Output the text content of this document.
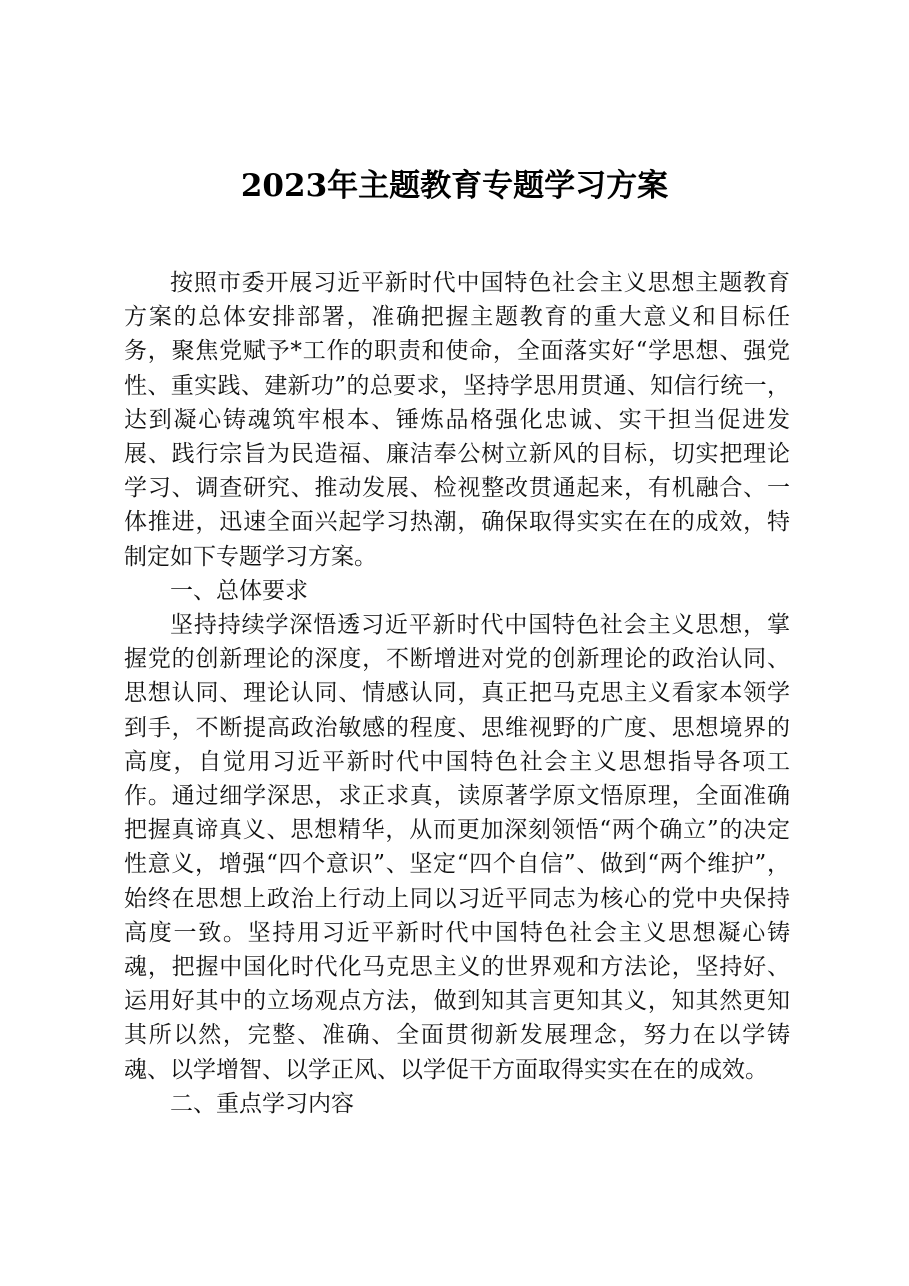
2023年主题教育专题学习方案

按照市委开展习近平新时代中国特色社会主义思想主题教育方案的总体安排部署，准确把握主题教育的重大意义和目标任务，聚焦党赋予*工作的职责和使命，全面落实好“学思想、强党性、重实践、建新功”的总要求，坚持学思用贯通、知信行统一，达到凝心铸魂筑牢根本、锤炼品格强化忠诚、实干担当促进发展、践行宗旨为民造福、廉洁奉公树立新风的目标，切实把理论学习、调查研究、推动发展、检视整改贯通起来，有机融合、一体推进，迅速全面兴起学习热潮，确保取得实实在在的成效，特制定如下专题学习方案。

一、总体要求

坚持持续学深悟透习近平新时代中国特色社会主义思想，掌握党的创新理论的深度，不断增进对党的创新理论的政治认同、思想认同、理论认同、情感认同，真正把马克思主义看家本领学到手，不断提高政治敏感的程度、思维视野的广度、思想境界的高度，自觉用习近平新时代中国特色社会主义思想指导各项工作。通过细学深思，求正求真，读原著学原文悟原理，全面准确把握真谛真义、思想精华，从而更加深刻领悟“两个确立”的决定性意义，增强“四个意识”、坚定“四个自信”、做到“两个维护”，始终在思想上政治上行动上同以习近平同志为核心的党中央保持高度一致。坚持用习近平新时代中国特色社会主义思想凝心铸魂，把握中国化时代化马克思主义的世界观和方法论，坚持好、运用好其中的立场观点方法，做到知其言更知其义，知其然更知其所以然，完整、准确、全面贯彻新发展理念，努力在以学铸魂、以学增智、以学正风、以学促干方面取得实实在在的成效。

二、重点学习内容
